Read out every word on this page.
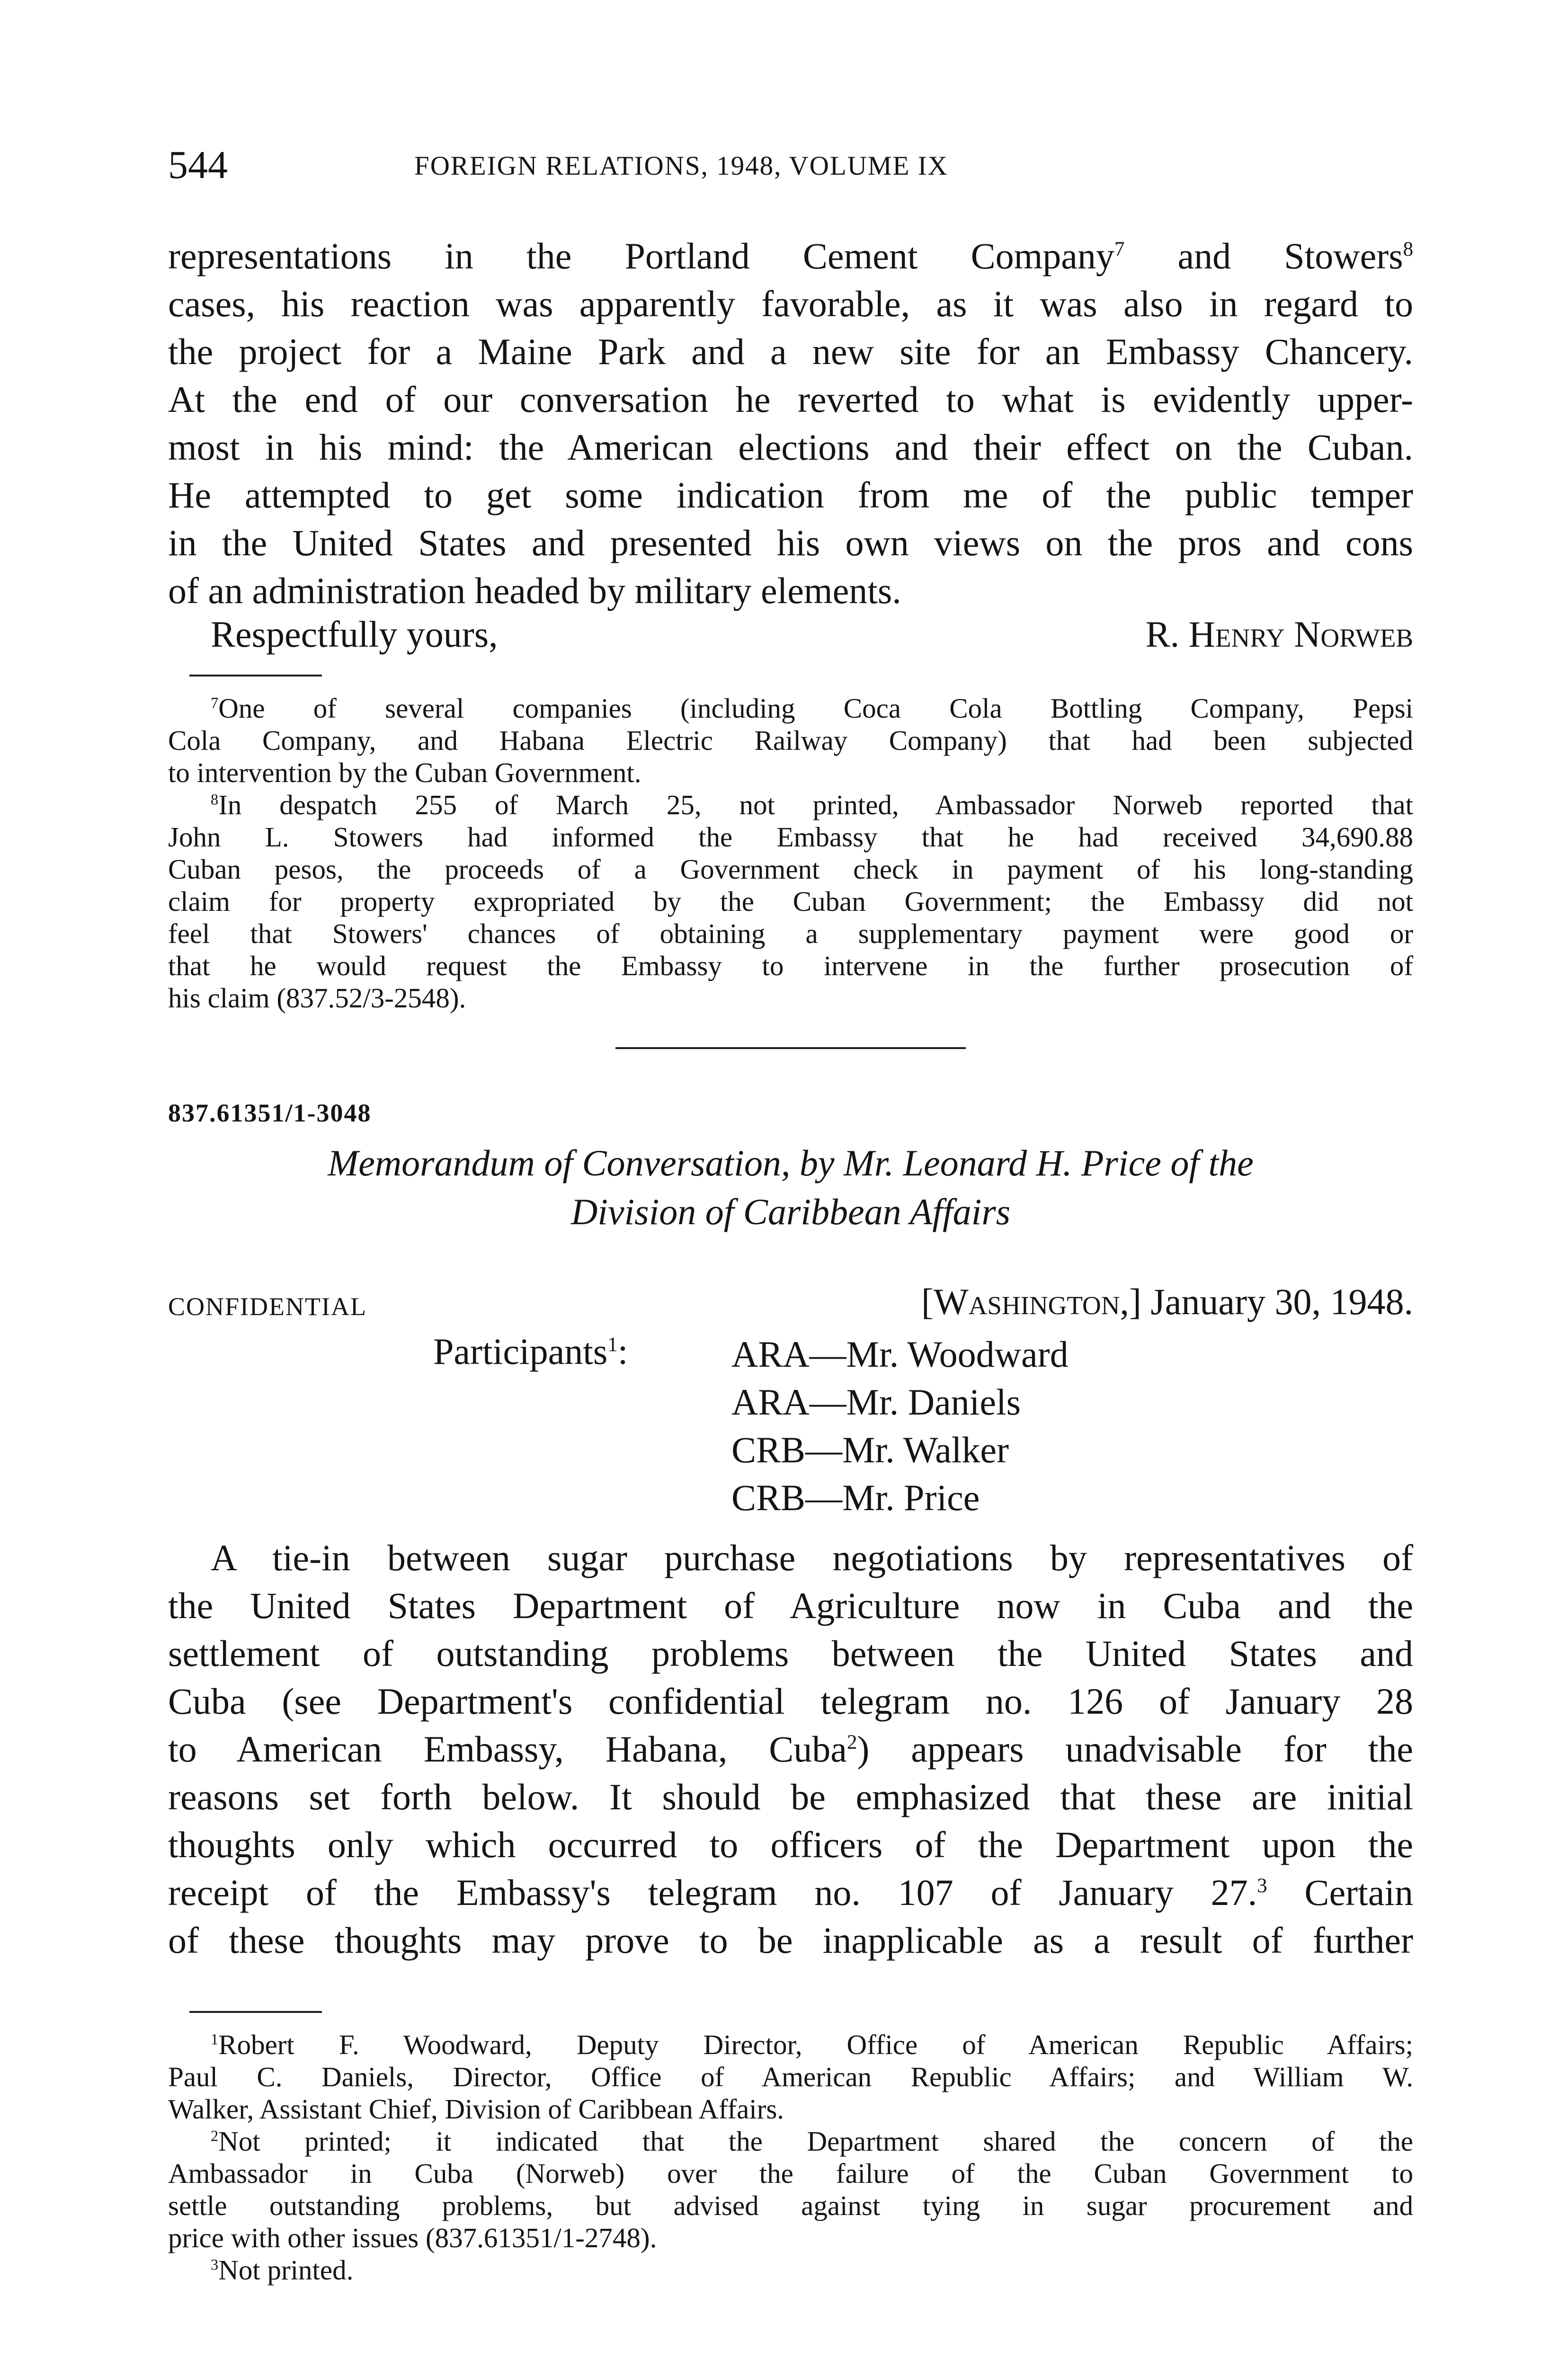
544	FOREIGN RELATIONS, 1948, VOLUME IX
representations in the Portland Cement Company$^7$ and Stowers$^8$
cases, his reaction was apparently favorable, as it was also in regard to
the project for a Maine Park and a new site for an Embassy Chancery.
At the end of our conversation he reverted to what is evidently upper-
most in his mind: the American elections and their effect on the Cuban.
He attempted to get some indication from me of the public temper
in the United States and presented his own views on the pros and cons
of an administration headed by military elements.
Respectfully yours,	R. Henry Norweb
$^7$One of several companies (including Coca Cola Bottling Company, Pepsi
Cola Company, and Habana Electric Railway Company) that had been subjected
to intervention by the Cuban Government.
$^8$In despatch 255 of March 25, not printed, Ambassador Norweb reported that
John L. Stowers had informed the Embassy that he had received 34,690.88
Cuban pesos, the proceeds of a Government check in payment of his long-standing
claim for property expropriated by the Cuban Government; the Embassy did not
feel that Stowers' chances of obtaining a supplementary payment were good or
that he would request the Embassy to intervene in the further prosecution of
his claim (837.52/3-2548).
837.61351/1-3048
Memorandum of Conversation, by Mr. Leonard H. Price of the
Division of Caribbean Affairs
CONFIDENTIAL	[Washington,] January 30, 1948.
Participants$^1$:	ARA—Mr. Woodward
ARA—Mr. Daniels
CRB—Mr. Walker
CRB—Mr. Price
A tie-in between sugar purchase negotiations by representatives of
the United States Department of Agriculture now in Cuba and the
settlement of outstanding problems between the United States and
Cuba (see Department's confidential telegram no. 126 of January 28
to American Embassy, Habana, Cuba$^2$) appears unadvisable for the
reasons set forth below. It should be emphasized that these are initial
thoughts only which occurred to officers of the Department upon the
receipt of the Embassy's telegram no. 107 of January 27.$^3$ Certain
of these thoughts may prove to be inapplicable as a result of further
$^1$Robert F. Woodward, Deputy Director, Office of American Republic Affairs;
Paul C. Daniels, Director, Office of American Republic Affairs; and William W.
Walker, Assistant Chief, Division of Caribbean Affairs.
$^2$Not printed; it indicated that the Department shared the concern of the
Ambassador in Cuba (Norweb) over the failure of the Cuban Government to
settle outstanding problems, but advised against tying in sugar procurement and
price with other issues (837.61351/1-2748).
$^3$Not printed.
